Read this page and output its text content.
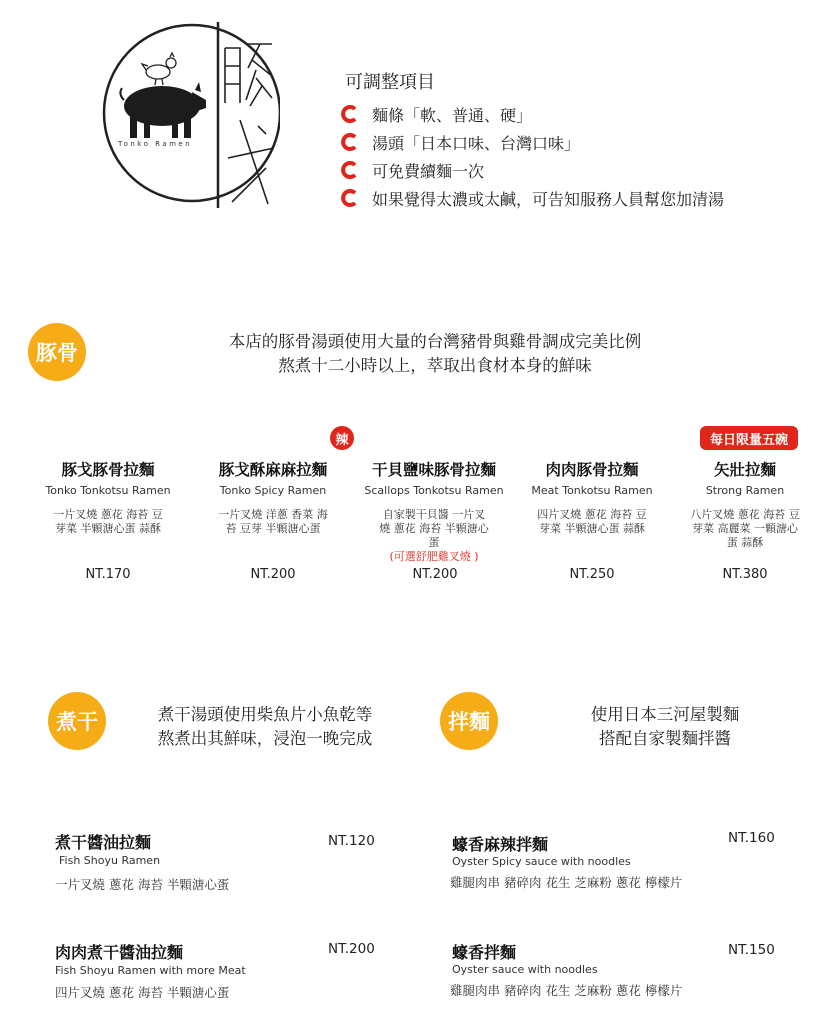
Tonko Ramen
可調整項目
麵條「軟、普通、硬」
湯頭「日本口味、台灣口味」
可免費續麵一次
如果覺得太濃或太鹹，可告知服務人員幫您加清湯
豚骨	本店的豚骨湯頭使用大量的台灣豬骨與雞骨調成完美比例
熬煮十二小時以上，萃取出食材本身的鮮味
辣	每日限量五碗
豚戈豚骨拉麵
Tonko Tonkotsu Ramen
一片叉燒 蔥花 海苔 豆芽菜 半顆溏心蛋 蒜酥
豚戈酥麻麻拉麵
Tonko Spicy Ramen
一片叉燒 洋蔥 香菜 海苔 豆芽 半顆溏心蛋
干貝鹽味豚骨拉麵
Scallops Tonkotsu Ramen
自家製干貝醬 一片叉燒 蔥花 海苔 半顆溏心蛋
(可選舒肥雞叉燒 )
肉肉豚骨拉麵
Meat Tonkotsu Ramen
四片叉燒 蔥花 海苔 豆芽菜 半顆溏心蛋 蒜酥
矢壯拉麵
Strong Ramen
八片叉燒 蔥花 海苔 豆芽菜 高麗菜 一顆溏心蛋 蒜酥
NT.170	NT.200	NT.200	NT.250	NT.380
煮干	煮干湯頭使用柴魚片小魚乾等
熬煮出其鮮味，浸泡一晚完成
拌麵	使用日本三河屋製麵
搭配自家製麵拌醬
煮干醬油拉麵	NT.120
Fish Shoyu Ramen
一片叉燒 蔥花 海苔 半顆溏心蛋
肉肉煮干醬油拉麵	NT.200
Fish Shoyu Ramen with more Meat
四片叉燒 蔥花 海苔 半顆溏心蛋
蠔香麻辣拌麵	NT.160
Oyster Spicy sauce with noodles
雞腿肉串 豬碎肉 花生 芝麻粉 蔥花 檸檬片
蠔香拌麵	NT.150
Oyster sauce with noodles
雞腿肉串 豬碎肉 花生 芝麻粉 蔥花 檸檬片
